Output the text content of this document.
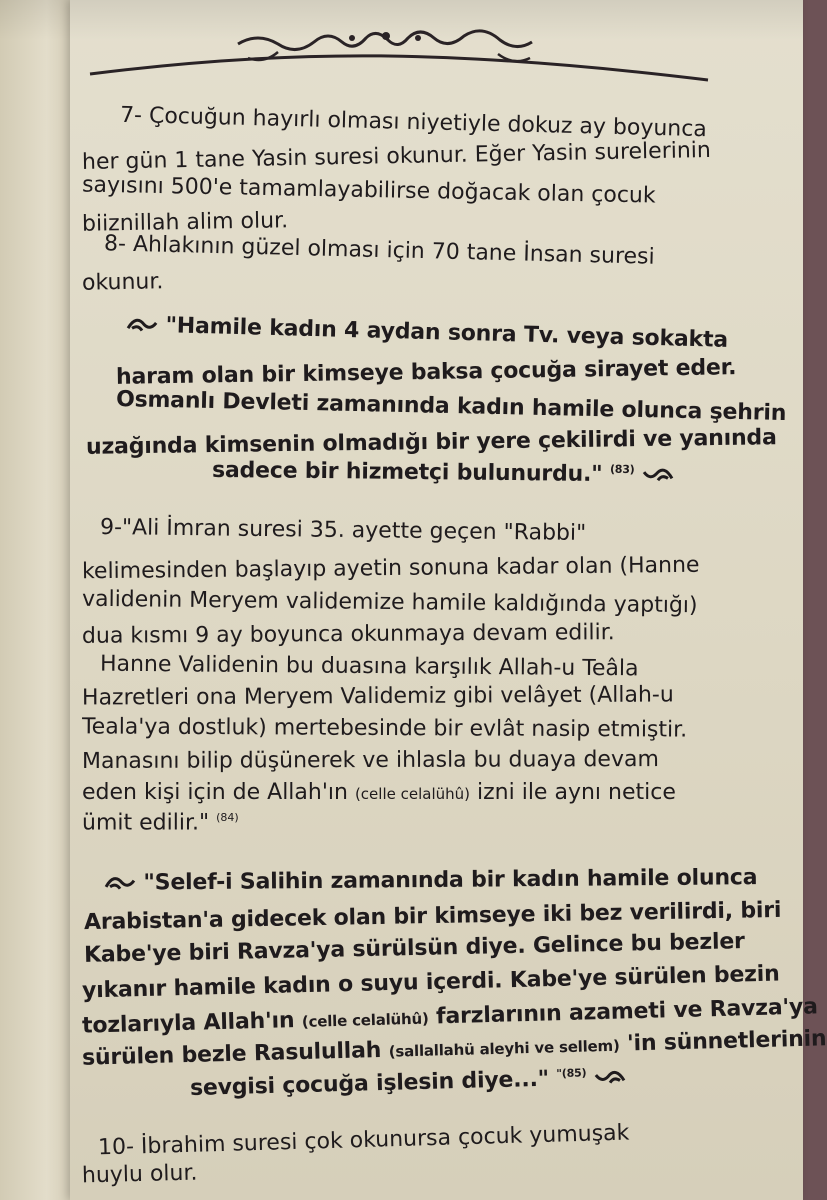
7- Çocuğun hayırlı olması niyetiyle dokuz ay boyunca
her gün 1 tane Yasin suresi okunur. Eğer Yasin surelerinin
sayısını 500'e tamamlayabilirse doğacak olan çocuk
biiznillah alim olur.
8- Ahlakının güzel olması için 70 tane İnsan suresi
okunur.
"Hamile kadın 4 aydan sonra Tv. veya sokakta
haram olan bir kimseye baksa çocuğa sirayet eder.
Osmanlı Devleti zamanında kadın hamile olunca şehrin
uzağında kimsenin olmadığı bir yere çekilirdi ve yanında
sadece bir hizmetçi bulunurdu." $^{(83)}$
9-"Ali İmran suresi 35. ayette geçen "Rabbi"
kelimesinden başlayıp ayetin sonuna kadar olan (Hanne
validenin Meryem validemize hamile kaldığında yaptığı)
dua kısmı 9 ay boyunca okunmaya devam edilir.
Hanne Validenin bu duasına karşılık Allah-u Teâla
Hazretleri ona Meryem Validemiz gibi velâyet (Allah-u
Teala'ya dostluk) mertebesinde bir evlât nasip etmiştir.
Manasını bilip düşünerek ve ihlasla bu duaya devam
eden kişi için de Allah'ın (celle celalühû) izni ile aynı netice
ümit edilir." $^{(84)}$
"Selef-i Salihin zamanında bir kadın hamile olunca
Arabistan'a gidecek olan bir kimseye iki bez verilirdi, biri
Kabe'ye biri Ravza'ya sürülsün diye. Gelince bu bezler
yıkanır hamile kadın o suyu içerdi. Kabe'ye sürülen bezin
tozlarıyla Allah'ın (celle celalühû) farzlarının azameti ve Ravza'ya
sürülen bezle Rasulullah (sallallahü aleyhi ve sellem) 'in sünnetlerinin
sevgisi çocuğa işlesin diye..." $^{"(85)}$
10- İbrahim suresi çok okunursa çocuk yumuşak
huylu olur.
